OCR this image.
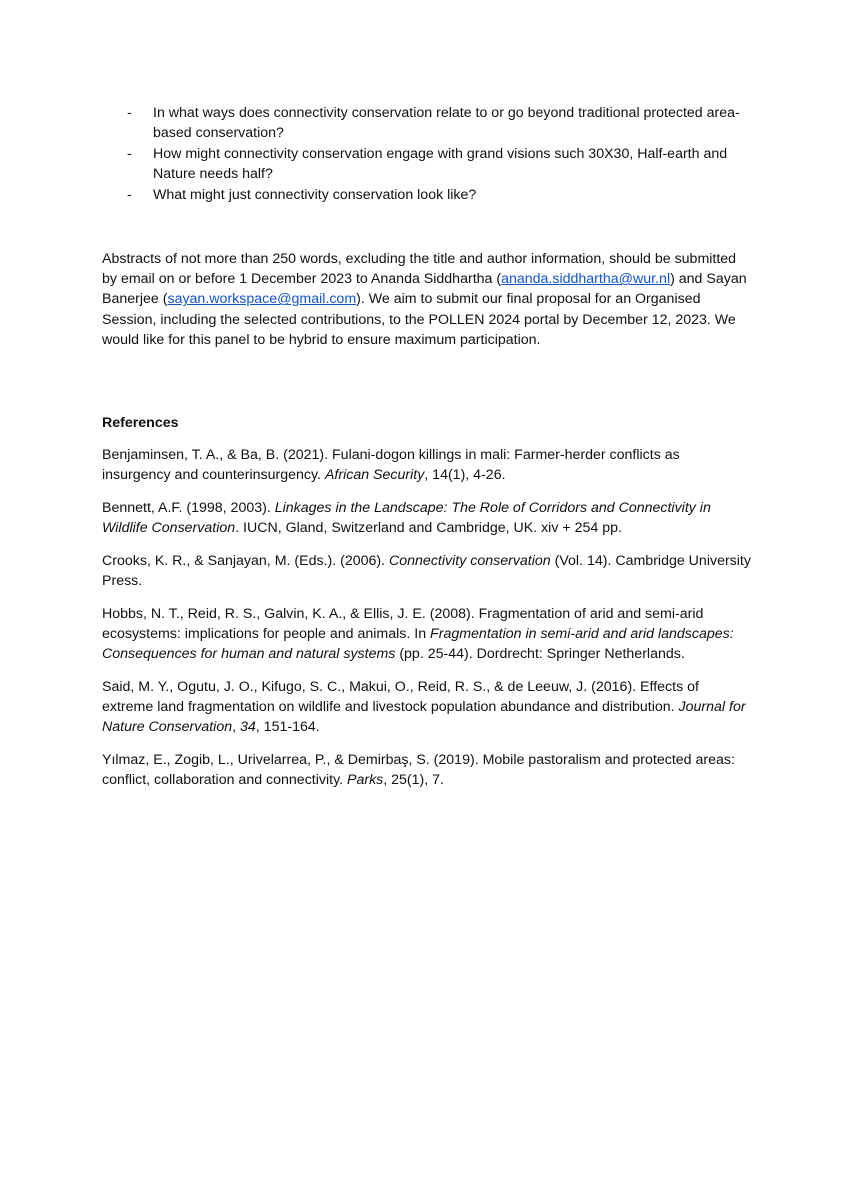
- In what ways does connectivity conservation relate to or go beyond traditional protected area-based conservation?
- How might connectivity conservation engage with grand visions such 30X30, Half-earth and Nature needs half?
- What might just connectivity conservation look like?

Abstracts of not more than 250 words, excluding the title and author information, should be submitted by email on or before 1 December 2023 to Ananda Siddhartha (ananda.siddhartha@wur.nl) and Sayan Banerjee (sayan.workspace@gmail.com). We aim to submit our final proposal for an Organised Session, including the selected contributions, to the POLLEN 2024 portal by December 12, 2023. We would like for this panel to be hybrid to ensure maximum participation.

References

Benjaminsen, T. A., & Ba, B. (2021). Fulani-dogon killings in mali: Farmer-herder conflicts as insurgency and counterinsurgency. African Security, 14(1), 4-26.

Bennett, A.F. (1998, 2003). Linkages in the Landscape: The Role of Corridors and Connectivity in Wildlife Conservation. IUCN, Gland, Switzerland and Cambridge, UK. xiv + 254 pp.

Crooks, K. R., & Sanjayan, M. (Eds.). (2006). Connectivity conservation (Vol. 14). Cambridge University Press.

Hobbs, N. T., Reid, R. S., Galvin, K. A., & Ellis, J. E. (2008). Fragmentation of arid and semi-arid ecosystems: implications for people and animals. In Fragmentation in semi-arid and arid landscapes: Consequences for human and natural systems (pp. 25-44). Dordrecht: Springer Netherlands.

Said, M. Y., Ogutu, J. O., Kifugo, S. C., Makui, O., Reid, R. S., & de Leeuw, J. (2016). Effects of extreme land fragmentation on wildlife and livestock population abundance and distribution. Journal for Nature Conservation, 34, 151-164.

Yılmaz, E., Zogib, L., Urivelarrea, P., & Demirbaş, S. (2019). Mobile pastoralism and protected areas: conflict, collaboration and connectivity. Parks, 25(1), 7.
